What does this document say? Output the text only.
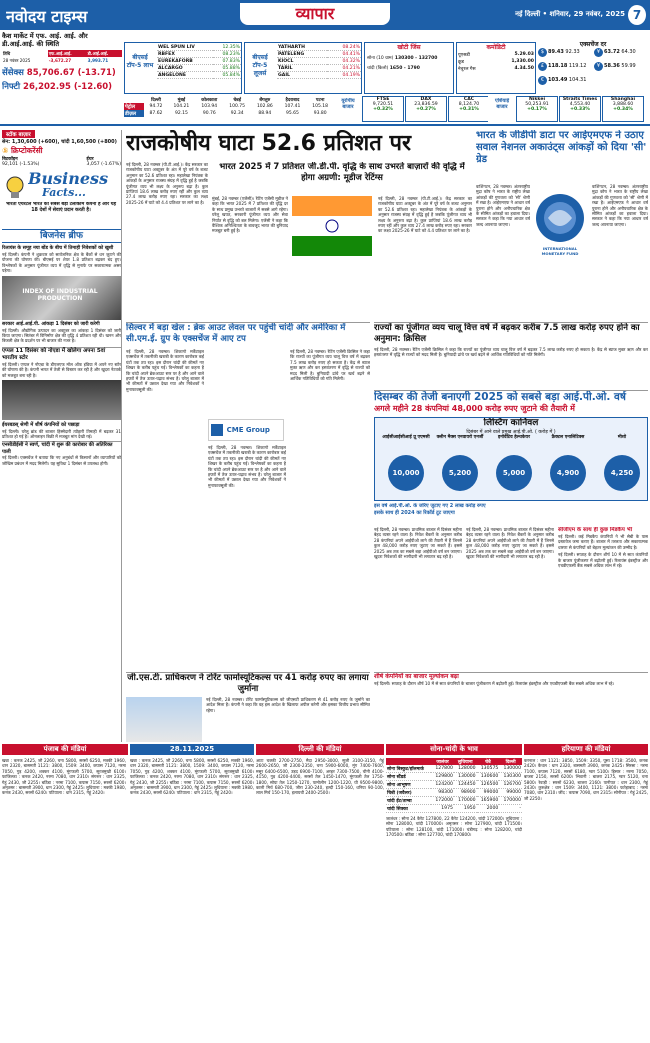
नवोदय टाइम्स	व्यापार	नई दिल्ली • शनिवार, 29 नवंबर, 2025 7
कैश मार्केट में एफ. आई. आई. और डी.आई.आई. की स्थिति
तिथि	एफ.आई.आई.	डी.आई.आई.
28 नवंबर 2025	-3,672.27	3,993.71
सेंसेक्स 85,706.67 (-13.71)
निफ्टी 26,202.95 (-12.60)
बीएसई टॉप-5 लाभ
WEL SPUN LIV	12.35%
RBFEX	08.23%
EUREKAFORB	07.83%
ALCARGO	05.88%
ANGELONE	05.84%
बीएसई टॉप-5 लूजर्स
YATHARTH	08.24%
PATELENG	04.41%
KIOCL	04.32%
TARIL	04.21%
GAIL	04.19%
खोटी जिंस
सोना (10 ग्राम) 130300 - 132700
चांदी (किलो) 1650 - 1790
कमोडिटी
यूएसडी	5.29.03
क्रूड	1,330.00
नेचुरल गैस	4.34.50
एक्सचेंज दर
$ 89.43 92.33
£ 118.18 119.12
€ 103.49 104.31
¥ 63.72 64.30
¥ 58.36 59.99
	दिल्ली	मुंबई	कोलकाता	चेन्नई	बेंगलुरु	हैदराबाद	पटना
पेट्रोल	94.72	104.21	103.94	100.75	102.86	107.41	105.18
डीज़ल	87.62	92.15	90.76	92.34	88.94	95.65	93.80
यूरोपीय बाजार
FTSE
9,720.51
+0.32%
DAX
23,836.59
+0.27%
CAC
8,124.70
+0.31%
एशियाई बाजार
Nikkei
50,253.91
+0.17%
Straits Times
4,553.40
+0.33%
Shanghai
3,888.60
+0.34%
स्टॉक बाज़ार
सेन: 1,30,600 (+600), चांदी 1,60,500 (+800)
⑤ क्रिप्टोकरेंसी
बिटकॉइन
92,101 (-1.53%)
ईथर
3,057 (-1.67%)
Business
Facts...
भारती एयरटेल भारत की सबसे बड़ी टेलीकॉम कंपनी है और यह 18 देशों में सेवाएं प्रदान करती है।
बिजनेस ब्रीफ
रिलायंस के समूह नया बोंड के बीच में तिमाही निवेशकों को खुशी
नई दिल्ली। कंपनी ने शुक्रवार को सार्वजनिक क्षेत्र के बैंकों से धन जुटाने की योजना की घोषणा की। बीएसई पर शेयर 1.8 प्रतिशत बढ़कर बंद हुए। विश्लेषकों के अनुसार पूंजीगत व्यय में वृद्धि से मुनाफे पर सकारात्मक असर पड़ेगा।
INDEX OF INDUSTRIAL PRODUCTION
सरकार आई.आई.पी. आंकड़ा 1 दिसंबर को जारी करेगी
नई दिल्ली। औद्योगिक उत्पादन का अक्टूबर का आंकड़ा 1 दिसंबर को जारी किया जाएगा। सितंबर में विनिर्माण क्षेत्र की वृद्धि 4 प्रतिशत रही थी। खनन और बिजली क्षेत्र के प्रदर्शन पर भी बाजार की नजर है।
एप्पल 11 दिसंबर को नोएडा में खोलेगा अपना 5वां भारतीय स्टोर
नई दिल्ली। एप्पल ने नोएडा के डीएलएफ मॉल ऑफ इंडिया में अपने नए स्टोर की घोषणा की है। कंपनी भारत में तेजी से विस्तार कर रही है और खुदरा नेटवर्क को मजबूत बना रही है।
ईयरबडस् श्रेणी में शीर्ष कंपनियों को पछाड़ा
नई दिल्ली। घरेलू ब्रांड की बाजार हिस्सेदारी त्योहारी तिमाही में बढ़कर 31 प्रतिशत हो गई है। ऑनलाइन बिक्री में मजबूत मांग देखी गई।
एनसीडीईसी ने स्वर्ण, चांदी में शुरू की कारोबार की अतिरिक्त पाली
नई दिल्ली। एक्सचेंज ने बताया कि नए अनुबंधों से किसानों और व्यापारियों को जोखिम प्रबंधन में मदद मिलेगी। यह सुविधा 1 दिसंबर से उपलब्ध होगी।
राजकोषीय घाटा 52.6 प्रतिशत पर
भारत 2025 में 7 प्रतिशत जी.डी.पी. वृद्धि के साथ उभरते बाज़ारों की वृद्धि में होगा अग्रणी: मूडीज रेटिंग्स
मुंबई, 28 नवम्बर (एजेंसी)। रेटिंग एजेंसी मूडीज ने कहा कि भारत 2025 में 7 प्रतिशत की वृद्धि दर के साथ प्रमुख उभरते बाजारों में सबसे आगे रहेगा। घरेलू खपत, सरकारी पूंजीगत व्यय और सेवा निर्यात से वृद्धि को बल मिलेगा। एजेंसी ने कहा कि वैश्विक अनिश्चितता के बावजूद भारत की बुनियाद मजबूत बनी हुई है।
नई दिल्ली, 28 नवम्बर (पी.टी.आई.)। केंद्र सरकार का राजकोषीय घाटा अक्टूबर के अंत में पूरे वर्ष के बजट अनुमान का 52.6 प्रतिशत रहा। महालेखा नियंत्रक के आंकड़ों के अनुसार राजस्व संग्रह में वृद्धि हुई है जबकि पूंजीगत व्यय भी लक्ष्य के अनुरूप बढ़ा है। कुल प्राप्तियां 18.6 लाख करोड़ रुपए रहीं और कुल व्यय 27.4 लाख करोड़ रुपए रहा। सरकार का लक्ष्य 2025-26 में घाटे को 4.4 प्रतिशत पर लाने का है।
नई दिल्ली, 28 नवम्बर (पी.टी.आई.)। केंद्र सरकार का राजकोषीय घाटा अक्टूबर के अंत में पूरे वर्ष के बजट अनुमान का 52.6 प्रतिशत रहा। महालेखा नियंत्रक के आंकड़ों के अनुसार राजस्व संग्रह में वृद्धि हुई है जबकि पूंजीगत व्यय भी लक्ष्य के अनुरूप बढ़ा है। कुल प्राप्तियां 18.6 लाख करोड़ रुपए रहीं और कुल व्यय 27.4 लाख करोड़ रुपए रहा। सरकार का लक्ष्य 2025-26 में घाटे को 4.4 प्रतिशत पर लाने का है।
भारत के जीडीपी डाटा पर आईएमएफ ने उठाए सवाल नेशनल अकाउंट्स आंकड़ों को दिया 'सी' ग्रेड
वाशिंगटन, 28 नवम्बर। अंतरराष्ट्रीय मुद्रा कोष ने भारत के राष्ट्रीय लेखा आंकड़ों की गुणवत्ता को 'सी' श्रेणी में रखा है। आईएमएफ ने आधार वर्ष पुराना होने और अनौपचारिक क्षेत्र के सीमित आंकड़ों का हवाला दिया। सरकार ने कहा कि नया आधार वर्ष जल्द अपनाया जाएगा।
INTERNATIONAL MONETARY FUND
वाशिंगटन, 28 नवम्बर। अंतरराष्ट्रीय मुद्रा कोष ने भारत के राष्ट्रीय लेखा आंकड़ों की गुणवत्ता को 'सी' श्रेणी में रखा है। आईएमएफ ने आधार वर्ष पुराना होने और अनौपचारिक क्षेत्र के सीमित आंकड़ों का हवाला दिया। सरकार ने कहा कि नया आधार वर्ष जल्द अपनाया जाएगा।
सिल्वर में बड़ा खेल : ब्रेक आउट लेवल पर पहुंची चांदी और अमेरिका में सी.एम.ई. ग्रुप के एक्सचेंज में आए टप
नई दिल्ली, 28 नवम्बर। शिकागो मर्केंटाइल एक्सचेंज में तकनीकी खराबी के कारण कारोबार कई घंटों तक ठप रहा। इस दौरान चांदी की कीमतें नए शिखर के करीब पहुंच गईं। विश्लेषकों का कहना है कि चांदी अपने ब्रेकआउट स्तर पर है और आने वाले हफ्तों में तेज उतार-चढ़ाव संभव है। घरेलू बाजार में भी कीमतों में उछाल देखा गया और निवेशकों ने मुनाफावसूली की।
CME Group
नई दिल्ली, 28 नवम्बर। शिकागो मर्केंटाइल एक्सचेंज में तकनीकी खराबी के कारण कारोबार कई घंटों तक ठप रहा। इस दौरान चांदी की कीमतें नए शिखर के करीब पहुंच गईं। विश्लेषकों का कहना है कि चांदी अपने ब्रेकआउट स्तर पर है और आने वाले हफ्तों में तेज उतार-चढ़ाव संभव है। घरेलू बाजार में भी कीमतों में उछाल देखा गया और निवेशकों ने मुनाफावसूली की।
नई दिल्ली, 28 नवम्बर। रेटिंग एजेंसी क्रिसिल ने कहा कि राज्यों का पूंजीगत व्यय चालू वित्त वर्ष में बढ़कर 7.5 लाख करोड़ रुपए हो सकता है। केंद्र से ब्याज मुक्त ऋण और कर हस्तांतरण में वृद्धि से राज्यों को मदद मिली है। बुनियादी ढांचे पर खर्च बढ़ने से आर्थिक गतिविधियों को गति मिलेगी।
राज्यों का पूंजीगत व्यय चालू वित्त वर्ष में बढ़कर करीब 7.5 लाख करोड़ रुपए होने का अनुमान: क्रिसिल
नई दिल्ली, 28 नवम्बर। रेटिंग एजेंसी क्रिसिल ने कहा कि राज्यों का पूंजीगत व्यय चालू वित्त वर्ष में बढ़कर 7.5 लाख करोड़ रुपए हो सकता है। केंद्र से ब्याज मुक्त ऋण और कर हस्तांतरण में वृद्धि से राज्यों को मदद मिली है। बुनियादी ढांचे पर खर्च बढ़ने से आर्थिक गतिविधियों को गति मिलेगी।
दिसम्बर की तेजी बनाएगी 2025 को सबसे बड़ा आई.पी.ओ. वर्ष
अगले महीने 28 कंपनियां 48,000 करोड़ रुपए जुटाने की तैयारी में
लिस्टिंग कार्निवल
दिसंबर में आने वाले प्रमुख आई.पी.ओ. ( करोड़ में )
आईसीआईसीआई प्रू एएमसी
10,000
क्लीन मैक्स एनवायरो एनर्जी
5,200
इनोवेटिव हेल्थकेयर
5,000
फ्रैक्टल एनालिटिक्स
4,900
मीशो
4,250
इस वर्ष आई.पी.ओ. के जरिए जुटाए गए 2 लाख करोड़ रुपए
इसके साथ ही 2024 का रिकॉर्ड टूट जाएगा
नई दिल्ली, 28 नवम्बर। प्राथमिक बाजार में दिसंबर महीना बेहद व्यस्त रहने वाला है। निवेश बैंकरों के अनुसार करीब 28 कंपनियां अपने आईपीओ लाने की तैयारी में हैं जिनसे कुल 48,000 करोड़ रुपए जुटाए जा सकते हैं। इससे 2025 अब तक का सबसे बड़ा आईपीओ वर्ष बन जाएगा। खुदरा निवेशकों की भागीदारी भी लगातार बढ़ रही है।
नई दिल्ली, 28 नवम्बर। प्राथमिक बाजार में दिसंबर महीना बेहद व्यस्त रहने वाला है। निवेश बैंकरों के अनुसार करीब 28 कंपनियां अपने आईपीओ लाने की तैयारी में हैं जिनसे कुल 48,000 करोड़ रुपए जुटाए जा सकते हैं। इससे 2025 अब तक का सबसे बड़ा आईपीओ वर्ष बन जाएगा। खुदरा निवेशकों की भागीदारी भी लगातार बढ़ रही है।
सीजीएम के साथ ही कुछ मिडकैप भी
नई दिल्ली। कई मिडकैप कंपनियों ने भी सेबी के पास दस्तावेज जमा कराए हैं। बाजार में तरलता और सकारात्मक धारणा से कंपनियों को बेहतर मूल्यांकन की उम्मीद है।
नई दिल्ली। सप्ताह के दौरान शीर्ष 10 में से सात कंपनियों के बाजार पूंजीकरण में बढ़ोतरी हुई। रिलायंस इंडस्ट्रीज और एचडीएफसी बैंक सबसे अधिक लाभ में रहे।
जी.एस.टी. प्राधिकरण ने टोरेंट फार्मास्यूटिकल्स पर 41 करोड़ रुपए का लगाया जुर्माना
नई दिल्ली, 28 नवम्बर। टोरेंट फार्मास्यूटिकल्स को जीएसटी प्राधिकरण से 41 करोड़ रुपए के जुर्माने का आदेश मिला है। कंपनी ने कहा कि वह इस आदेश के खिलाफ अपील करेगी और इसका वित्तीय प्रभाव सीमित रहेगा।
शीर्ष कंपनियों का बाजार मूल्यांकन बढ़ा
नई दिल्ली। सप्ताह के दौरान शीर्ष 10 में से सात कंपनियों के बाजार पूंजीकरण में बढ़ोतरी हुई। रिलायंस इंडस्ट्रीज और एचडीएफसी बैंक सबसे अधिक लाभ में रहे।
पंजाब की मंडियां	28.11.2025	दिल्ली की मंडियां	सोना-चांदी के भाव	हरियाणा की मंडियां
खन्ना : कनक 2425, जौ 2260, चना 5800, सरसों 6250, मक्की 1960, धान 2320, बासमती 1121: 3800, 1509: 3400, कपास 7120, नरमा 7050, गुड़ 4200, शक्कर 4100, मूंगफली 5700, सूरजमुखी 6100। फाजिल्का : कनक 2420, नरमा 7080, धान 2310। संगरूर : धान 2325, गेहूं 2430, जौ 2255। बठिंडा : नरमा 7100, कपास 7150, सरसों 6200। अमृतसर : बासमती 3900, धान 2300, गेहूं 2425। लुधियाना : मक्की 1980, कनक 2430, सरसों 6240। पटियाला : धान 2315, गेहूं 2420।
खन्ना : कनक 2425, जौ 2260, चना 5800, सरसों 6250, मक्की 1960, धान 2320, बासमती 1121: 3800, 1509: 3400, कपास 7120, नरमा 7050, गुड़ 4200, शक्कर 4100, मूंगफली 5700, सूरजमुखी 6100। फाजिल्का : कनक 2420, नरमा 7080, धान 2310। संगरूर : धान 2325, गेहूं 2430, जौ 2255। बठिंडा : नरमा 7100, कपास 7150, सरसों 6200। अमृतसर : बासमती 3900, धान 2300, गेहूं 2425। लुधियाना : मक्की 1980, कनक 2430, सरसों 6240। पटियाला : धान 2315, गेहूं 2420।
आटा चक्की 2700-2750, मैदा 2950-3000, सूजी 3100-3150, गेहूं 2600-2650, जौ 2300-2350, चना 5900-6000, मूंग 7400-7600, मसूर 6400-6500, उड़द 6900-7100, अरहर 7300-7500, चीनी 4100-4150, गुड़ 4200-4400, सरसों तेल 1450-1470, मूंगफली तेल 1750-1800, सोया तेल 1250-1270, पामोलीन 1200-1220, घी 9500-9800, काली मिर्च 680-700, जीरा 230-240, हल्दी 150-160, धनिया 90-100, लाल मिर्च 150-170, इलायची 2400-2500।
	जालंधर	लुधियाना	चेन्नै	दिल्ली
सोना बिस्कुट/हॉलमार्क	127800	128000	130575	130000
सोना स्टैंडर्ड	129800	130000	130600	130300
सोना आभूषण	124200	124450	126500	126700
चिन्नी (जवैलर)	98300	98900	99000	99000
चांदी ईंट/ताम्बा	172000	170000	165900	170000
चांदी सिक्का	1975	1950	2000	-
जालंधर : सोना 24 कैरेट 127800, 22 कैरेट 124200, चांदी 172000। लुधियाना : सोना 128000, चांदी 170000। अमृतसर : सोना 127900, चांदी 171500। पटियाला : सोना 128100, चांदी 171000। चंडीगढ़ : सोना 128200, चांदी 170500। बठिंडा : सोना 127700, चांदी 170800।
करनाल : धान 1121: 3850, 1509: 3350, पूसा 1718: 3500, कनक 2420। कैथल : धान 2320, बासमती 3900, कनक 2425। सिरसा : नरमा 7100, कपास 7120, सरसों 6180, ग्वार 5100। हिसार : नरमा 7050, बाजरा 2150, सरसों 6200। भिवानी : बाजरा 2175, ग्वार 5120, चना 5800। रेवाड़ी : सरसों 6230, बाजरा 2160। पानीपत : धान 2300, गेहूं 2430। कुरुक्षेत्र : धान 1509: 3400, 1121: 3800। फतेहाबाद : नरमा 7080, धान 2310। जींद : कपास 7090, धान 2315। सोनीपत : गेहूं 2425, जौ 2250।
